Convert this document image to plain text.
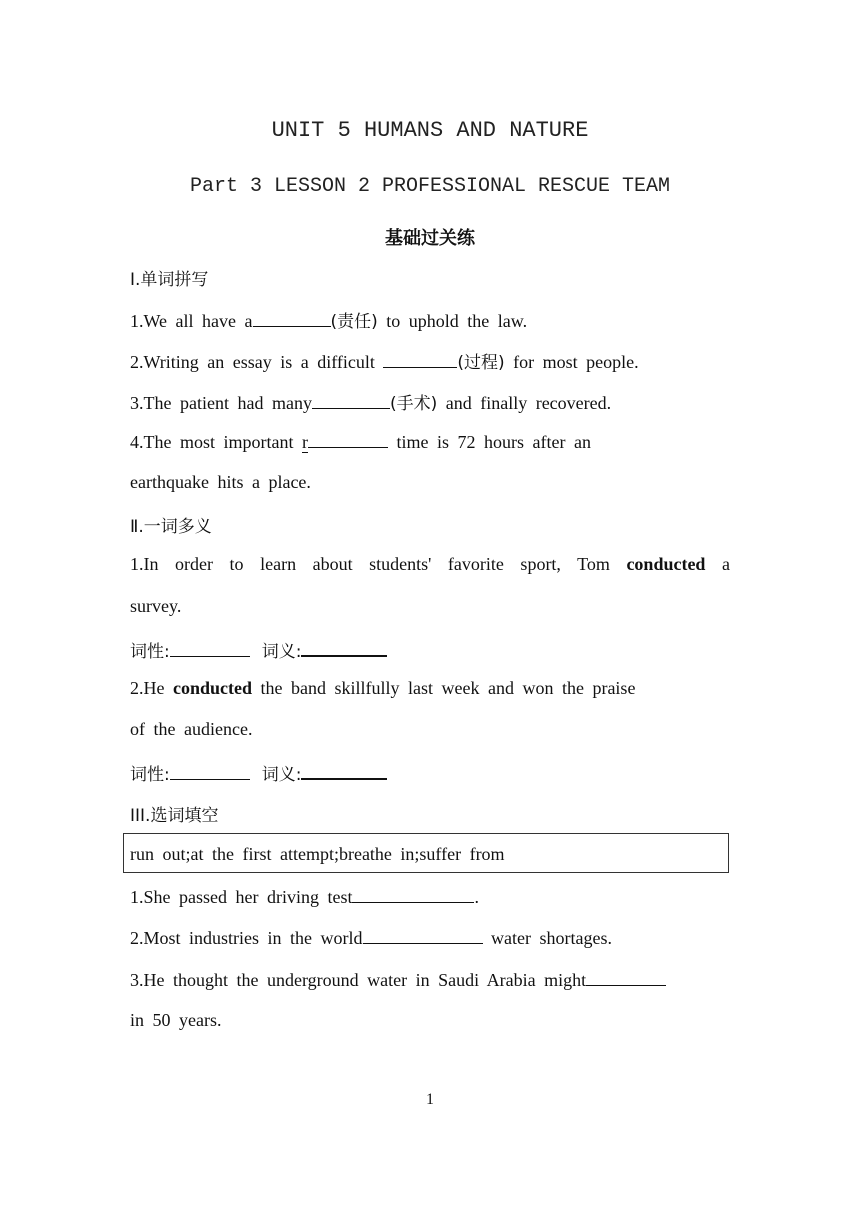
UNIT 5 HUMANS AND NATURE
Part 3 LESSON 2 PROFESSIONAL RESCUE TEAM
基础过关练
Ⅰ.单词拼写
1.We all have a	(责任) to uphold the law.
2.Writing an essay is a difficult	(过程) for most people.
3.The patient had many	(手术) and finally recovered.
4.The most important r	time is 72 hours after an
earthquake hits a place.
Ⅱ.一词多义
1.In order to learn about students' favorite sport, Tom conducted a
survey.
词性:	词义:
2.He conducted the band skillfully last week and won the praise
of the audience.
词性:	词义:
III.选词填空
run out;at the first attempt;breathe in;suffer from
1.She passed her driving test	.
2.Most industries in the world	water shortages.
3.He thought the underground water in Saudi Arabia might
in 50 years.
1
